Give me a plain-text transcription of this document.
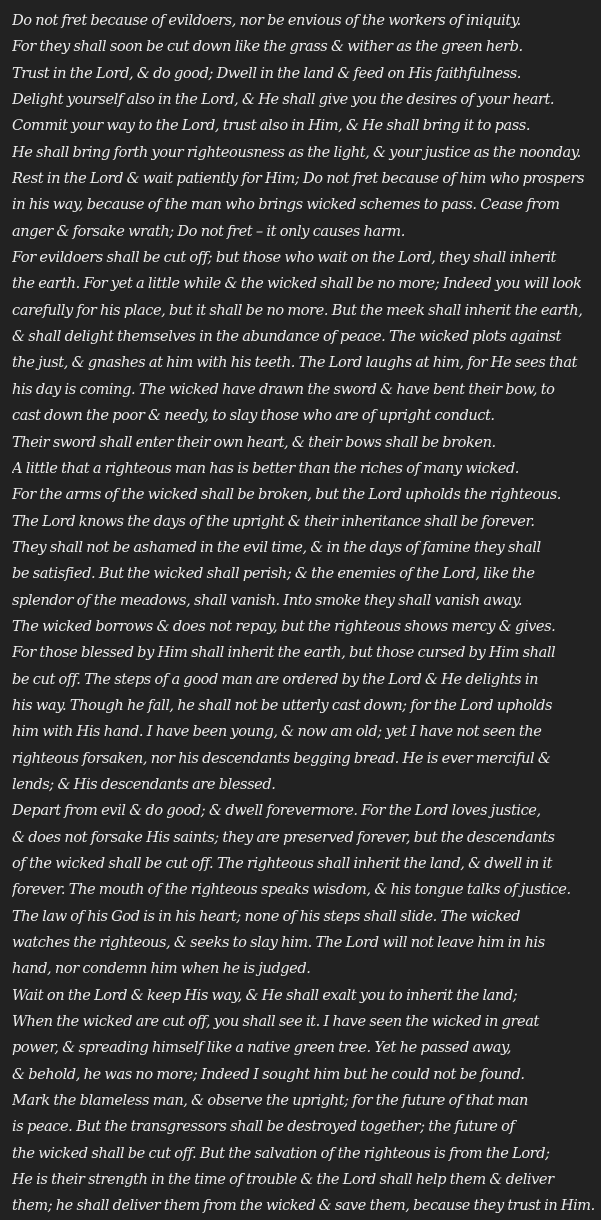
Do not fret because of evildoers, nor be envious of the workers of iniquity.
For they shall soon be cut down like the grass & wither as the green herb.
Trust in the Lord, & do good; Dwell in the land & feed on His faithfulness.
Delight yourself also in the Lord, & He shall give you the desires of your heart.
Commit your way to the Lord, trust also in Him, & He shall bring it to pass.
He shall bring forth your righteousness as the light, & your justice as the noonday.
Rest in the Lord & wait patiently for Him; Do not fret because of him who prospers
in his way, because of the man who brings wicked schemes to pass. Cease from
anger & forsake wrath; Do not fret – it only causes harm.
For evildoers shall be cut off; but those who wait on the Lord, they shall inherit
the earth. For yet a little while & the wicked shall be no more; Indeed you will look
carefully for his place, but it shall be no more. But the meek shall inherit the earth,
& shall delight themselves in the abundance of peace. The wicked plots against
the just, & gnashes at him with his teeth. The Lord laughs at him, for He sees that
his day is coming. The wicked have drawn the sword & have bent their bow, to
cast down the poor & needy, to slay those who are of upright conduct.
Their sword shall enter their own heart, & their bows shall be broken.
A little that a righteous man has is better than the riches of many wicked.
For the arms of the wicked shall be broken, but the Lord upholds the righteous.
The Lord knows the days of the upright & their inheritance shall be forever.
They shall not be ashamed in the evil time, & in the days of famine they shall
be satisfied. But the wicked shall perish; & the enemies of the Lord, like the
splendor of the meadows, shall vanish. Into smoke they shall vanish away.
The wicked borrows & does not repay, but the righteous shows mercy & gives.
For those blessed by Him shall inherit the earth, but those cursed by Him shall
be cut off. The steps of a good man are ordered by the Lord & He delights in
his way. Though he fall, he shall not be utterly cast down; for the Lord upholds
him with His hand. I have been young, & now am old; yet I have not seen the
righteous forsaken, nor his descendants begging bread. He is ever merciful &
lends; & His descendants are blessed.
Depart from evil & do good; & dwell forevermore. For the Lord loves justice,
& does not forsake His saints; they are preserved forever, but the descendants
of the wicked shall be cut off. The righteous shall inherit the land, & dwell in it
forever. The mouth of the righteous speaks wisdom, & his tongue talks of justice.
The law of his God is in his heart; none of his steps shall slide. The wicked
watches the righteous, & seeks to slay him. The Lord will not leave him in his
hand, nor condemn him when he is judged.
Wait on the Lord & keep His way, & He shall exalt you to inherit the land;
When the wicked are cut off, you shall see it. I have seen the wicked in great
power, & spreading himself like a native green tree. Yet he passed away,
& behold, he was no more; Indeed I sought him but he could not be found.
Mark the blameless man, & observe the upright; for the future of that man
is peace. But the transgressors shall be destroyed together; the future of
the wicked shall be cut off. But the salvation of the righteous is from the Lord;
He is their strength in the time of trouble & the Lord shall help them & deliver
them; he shall deliver them from the wicked & save them, because they trust in Him.
